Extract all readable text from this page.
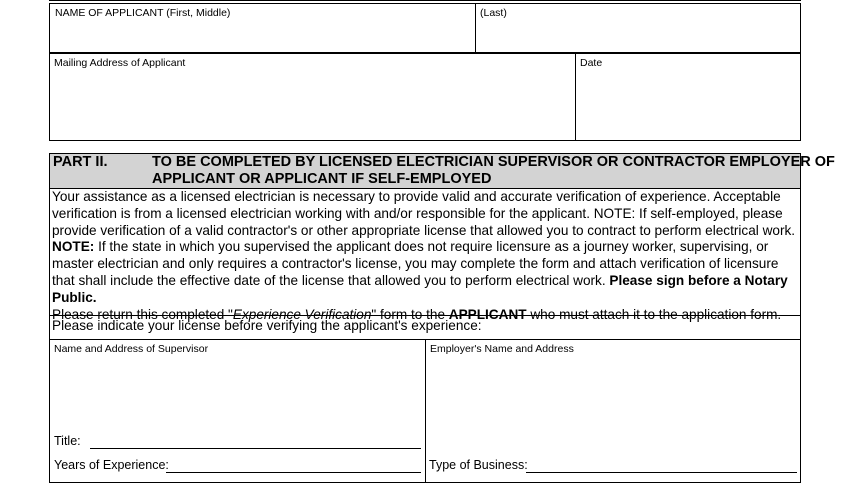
NAME OF APPLICANT (First, Middle)	(Last)
Mailing Address of Applicant	Date
PART II.	TO BE COMPLETED BY LICENSED ELECTRICIAN SUPERVISOR OR CONTRACTOR EMPLOYER OF
APPLICANT OR APPLICANT IF SELF-EMPLOYED
Your assistance as a licensed electrician is necessary to provide valid and accurate verification of experience. Acceptable verification is from a licensed electrician working with and/or responsible for the applicant. NOTE: If self-employed, please provide verification of a valid contractor's or other appropriate license that allowed you to contract to perform electrical work. NOTE: If the state in which you supervised the applicant does not require licensure as a journey worker, supervising, or master electrician and only requires a contractor's license, you may complete the form and attach verification of licensure that shall include the effective date of the license that allowed you to perform electrical work. Please sign before a Notary Public.
Please return this completed "Experience Verification" form to the APPLICANT who must attach it to the application form.
Please indicate your license before verifying the applicant's experience:
Name and Address of Supervisor	Employer's Name and Address
Title:
Years of Experience:	Type of Business:
